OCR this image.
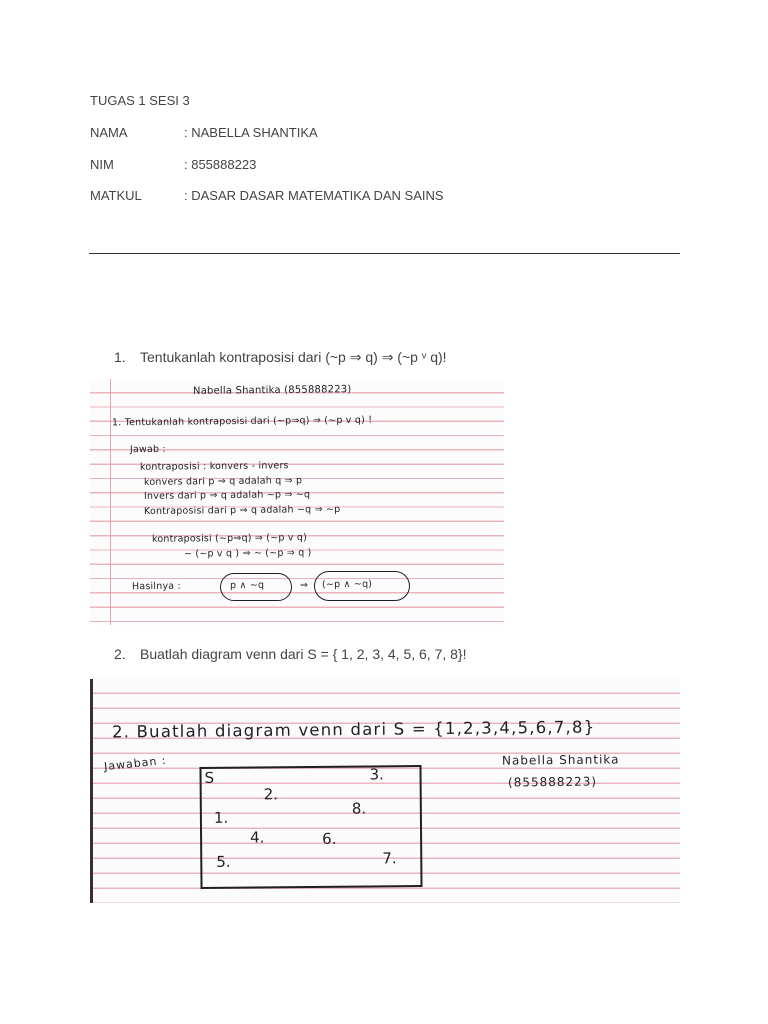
TUGAS 1 SESI 3
NAMA	: NABELLA SHANTIKA
NIM	: 855888223
MATKUL	: DASAR DASAR MATEMATIKA DAN SAINS
1. Tentukanlah kontraposisi dari (~p ⇒ q) ⇒ (~p ᵛ q)!
Nabella Shantika (855888223)
1. Tentukanlah kontraposisi dari (~p⇒q) ⇒ (~p v q) !
Jawab :
kontraposisi : konvers - invers
konvers dari p ⇒ q adalah q ⇒ p
Invers dari p ⇒ q adalah ~p ⇒ ~q
Kontraposisi dari p ⇒ q adalah ~q ⇒ ~p
kontraposisi (~p⇒q) ⇒ (~p v q)
~ (~p v q ) ⇒ ~ (~p ⇒ q )
Hasilnya :	p ∧ ~q	⇒ (~p ∧ ~q)
2. Buatlah diagram venn dari S = { 1, 2, 3, 4, 5, 6, 7, 8}!
2. Buatlah diagram venn dari S = {1,2,3,4,5,6,7,8}
Jawaban :	Nabella Shantika
(855888223)
S
1.
2.
3.
4.
5.
6.
7.
8.
